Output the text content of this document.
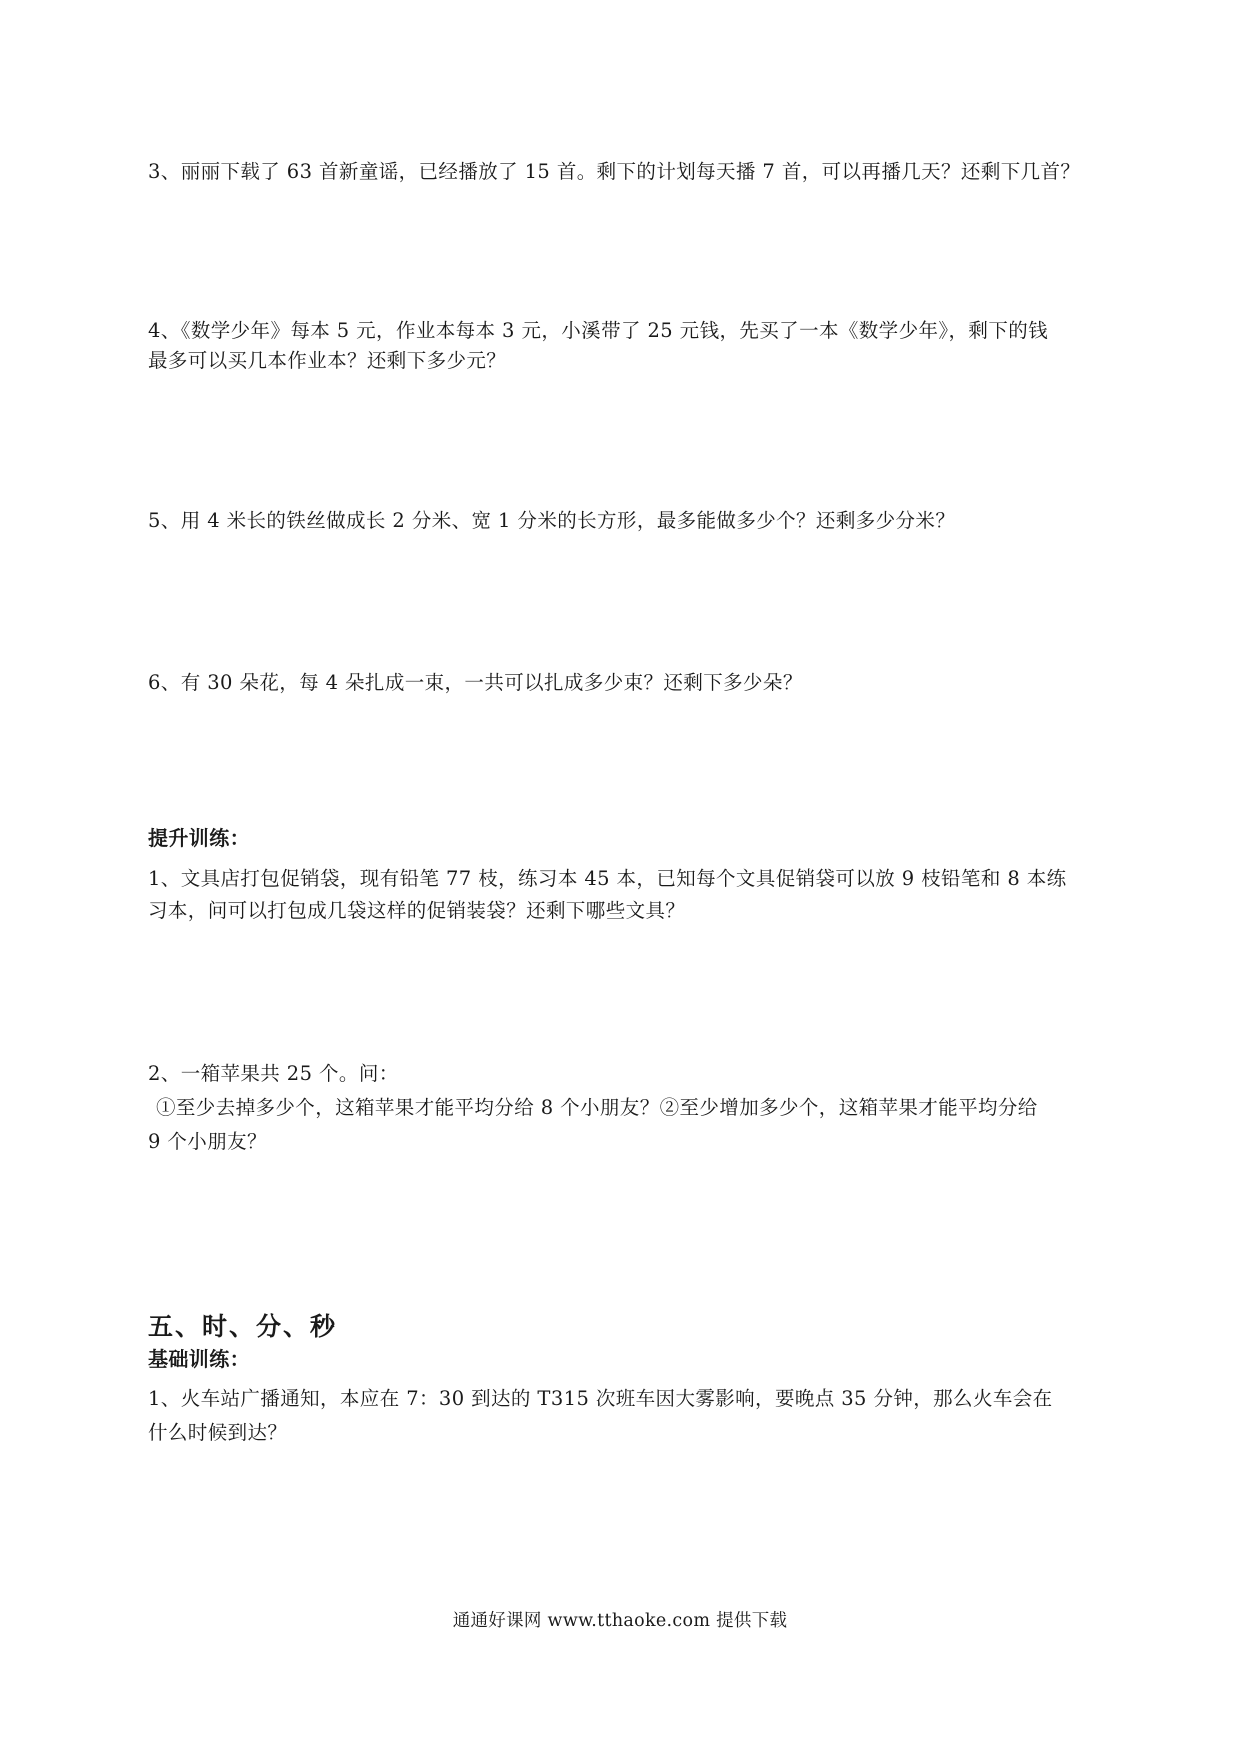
3、丽丽下载了 63 首新童谣，已经播放了 15 首。剩下的计划每天播 7 首，可以再播几天？还剩下几首？
4、《数学少年》每本 5 元，作业本每本 3 元，小溪带了 25 元钱，先买了一本《数学少年》，剩下的钱
最多可以买几本作业本？还剩下多少元？
5、用 4 米长的铁丝做成长 2 分米、宽 1 分米的长方形，最多能做多少个？还剩多少分米？
6、有 30 朵花，每 4 朵扎成一束，一共可以扎成多少束？还剩下多少朵？
提升训练：
1、文具店打包促销袋，现有铅笔 77 枝，练习本 45 本，已知每个文具促销袋可以放 9 枝铅笔和 8 本练
习本，问可以打包成几袋这样的促销装袋？还剩下哪些文具？
2、一箱苹果共 25 个。问：
①至少去掉多少个，这箱苹果才能平均分给 8 个小朋友？②至少增加多少个，这箱苹果才能平均分给
9 个小朋友？
五、时、分、秒
基础训练：
1、火车站广播通知，本应在 7：30 到达的 T315 次班车因大雾影响，要晚点 35 分钟，那么火车会在
什么时候到达？
通通好课网 www.tthaoke.com 提供下载
